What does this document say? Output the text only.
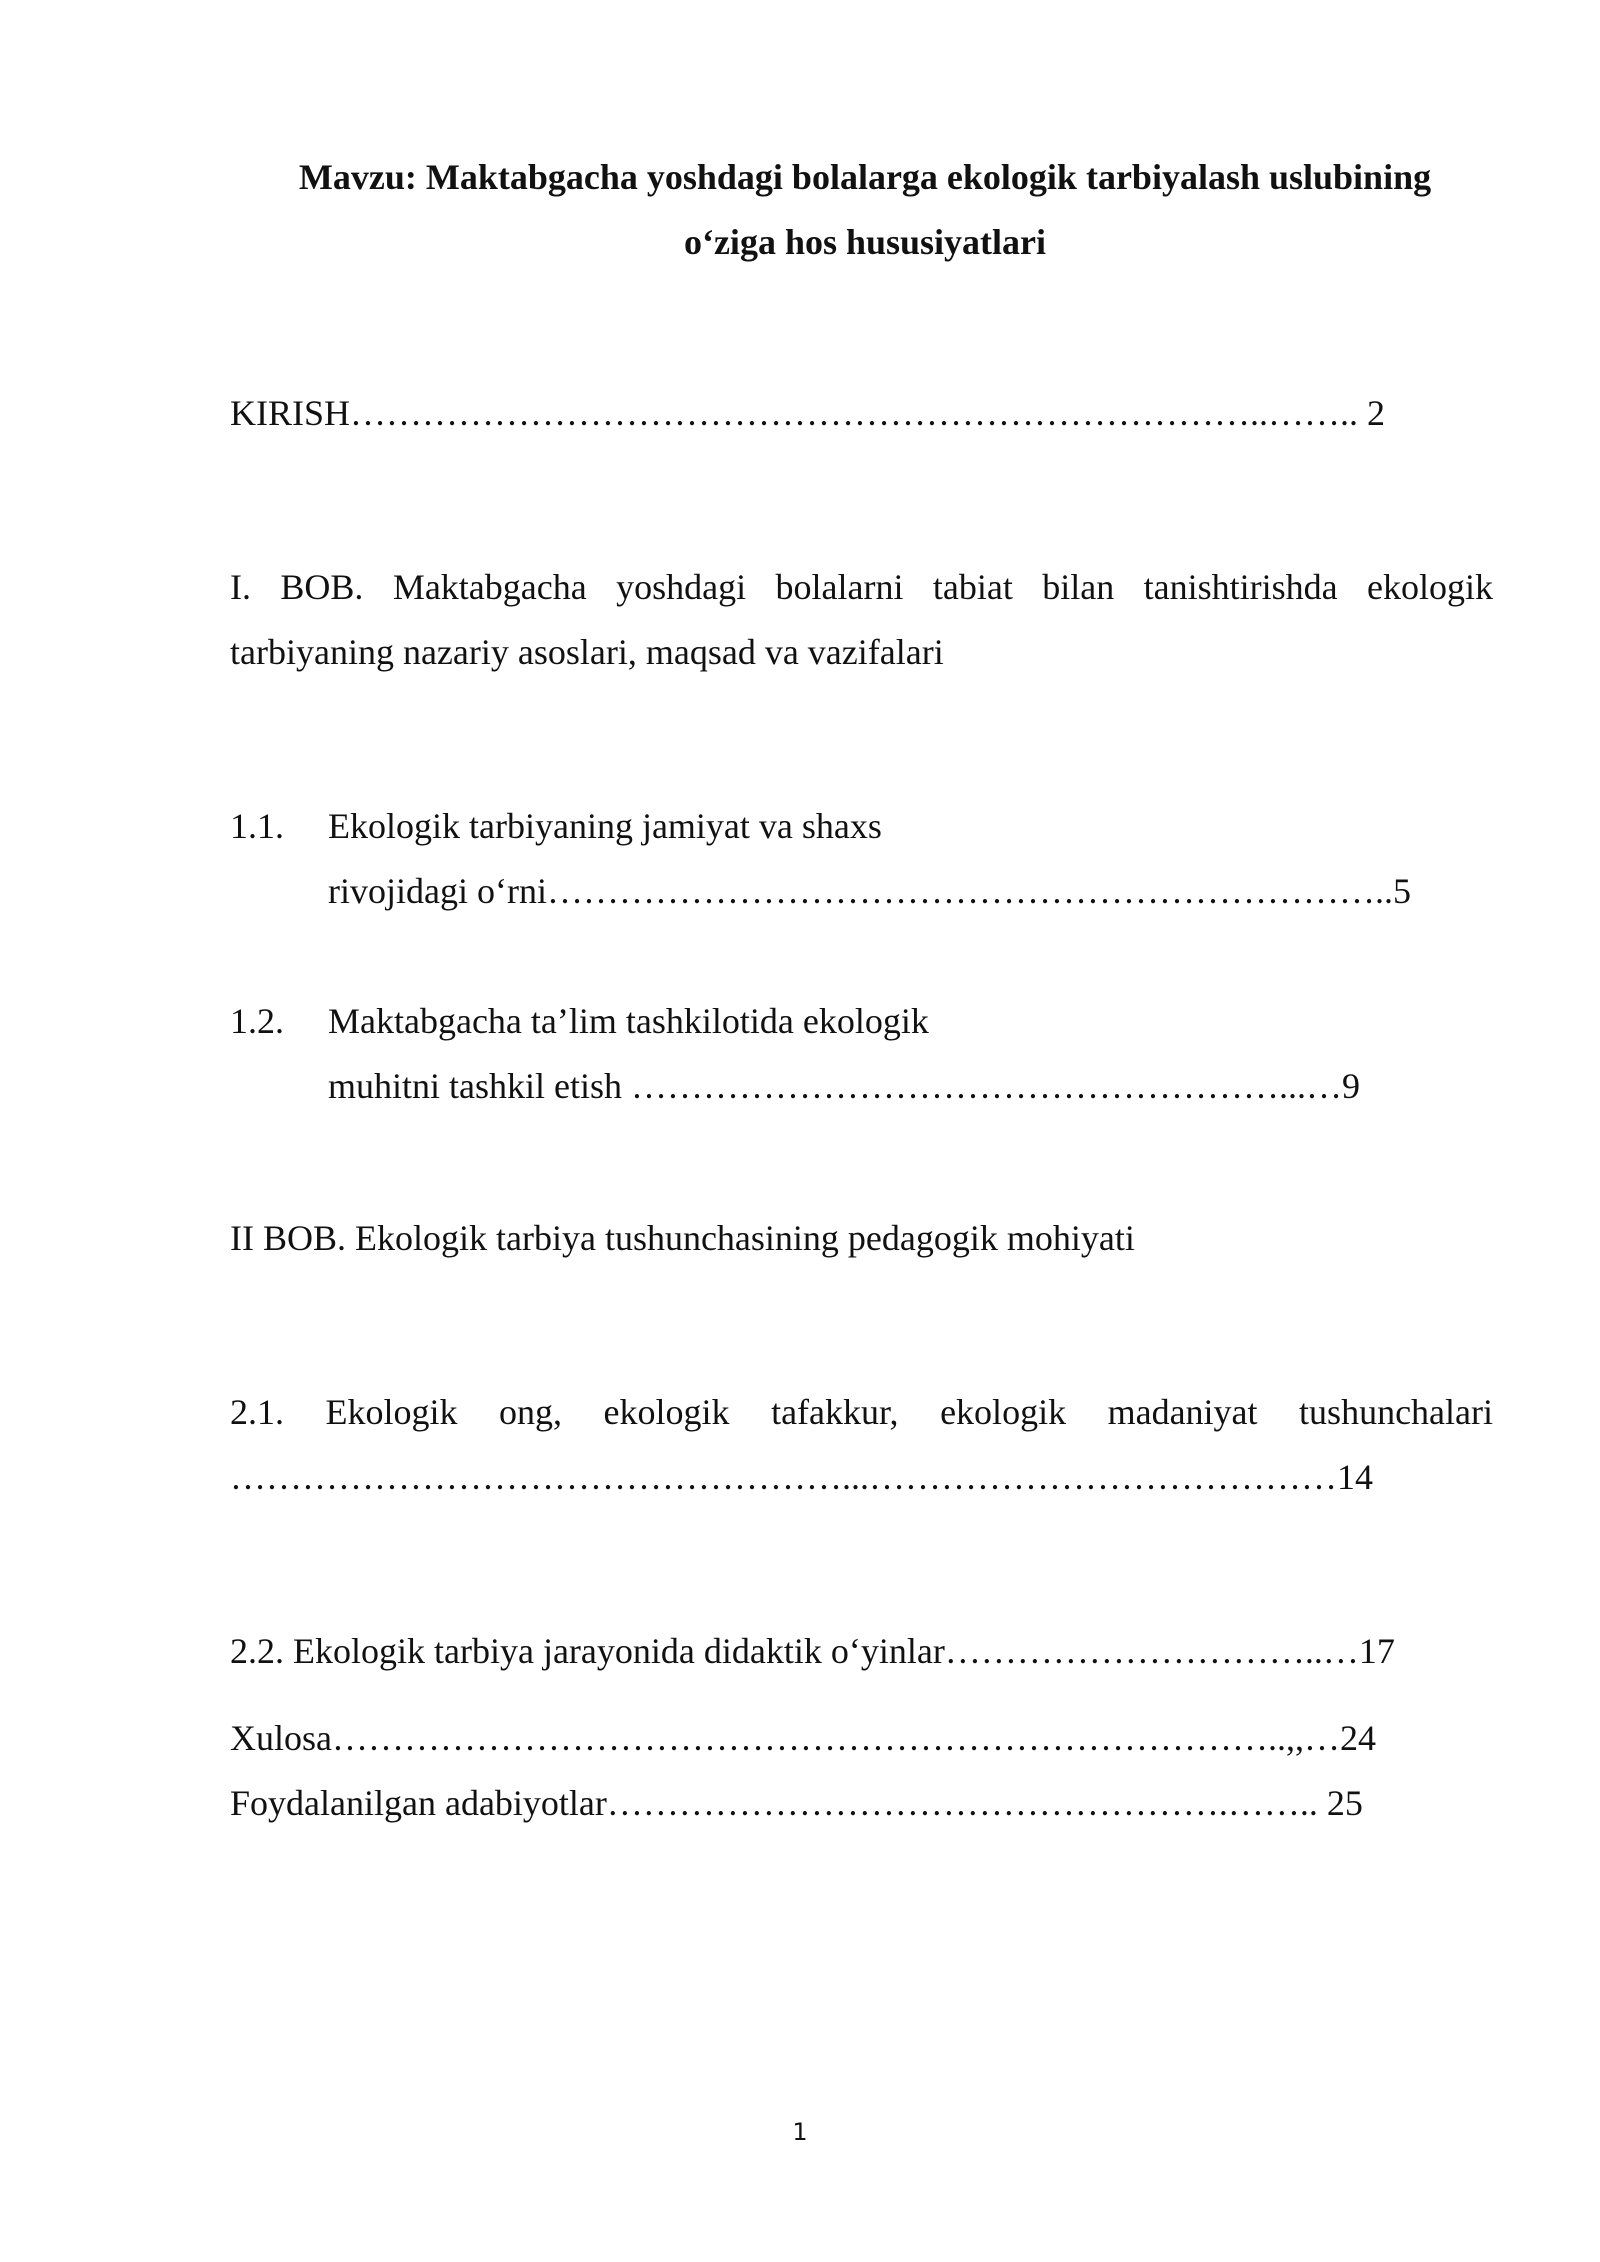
Mavzu: Maktabgacha yoshdagi bolalarga ekologik tarbiyalash uslubining

o‘ziga hos hususiyatlari

KIRISH…………………………………………………………………..…….. 2

I. BOB. Maktabgacha yoshdagi bolalarni tabiat bilan tanishtirishda ekologik

tarbiyaning nazariy asoslari, maqsad va vazifalari

1.1. Ekologik tarbiyaning jamiyat va shaxs

rivojidagi o‘rni……………………………………………………………..5

1.2. Maktabgacha ta’lim tashkilotida ekologik

muhitni tashkil etish ………………………………………………...…9

II BOB. Ekologik tarbiya tushunchasining pedagogik mohiyati

2.1. Ekologik ong, ekologik tafakkur, ekologik madaniyat tushunchalari

……………………………………………...…………………………………14

2.2. Ekologik tarbiya jarayonida didaktik o‘yinlar…………………………..…17

Xulosa……………………………………………………………………..,,…24

Foydalanilgan adabiyotlar…………………………………………….…….. 25

1
